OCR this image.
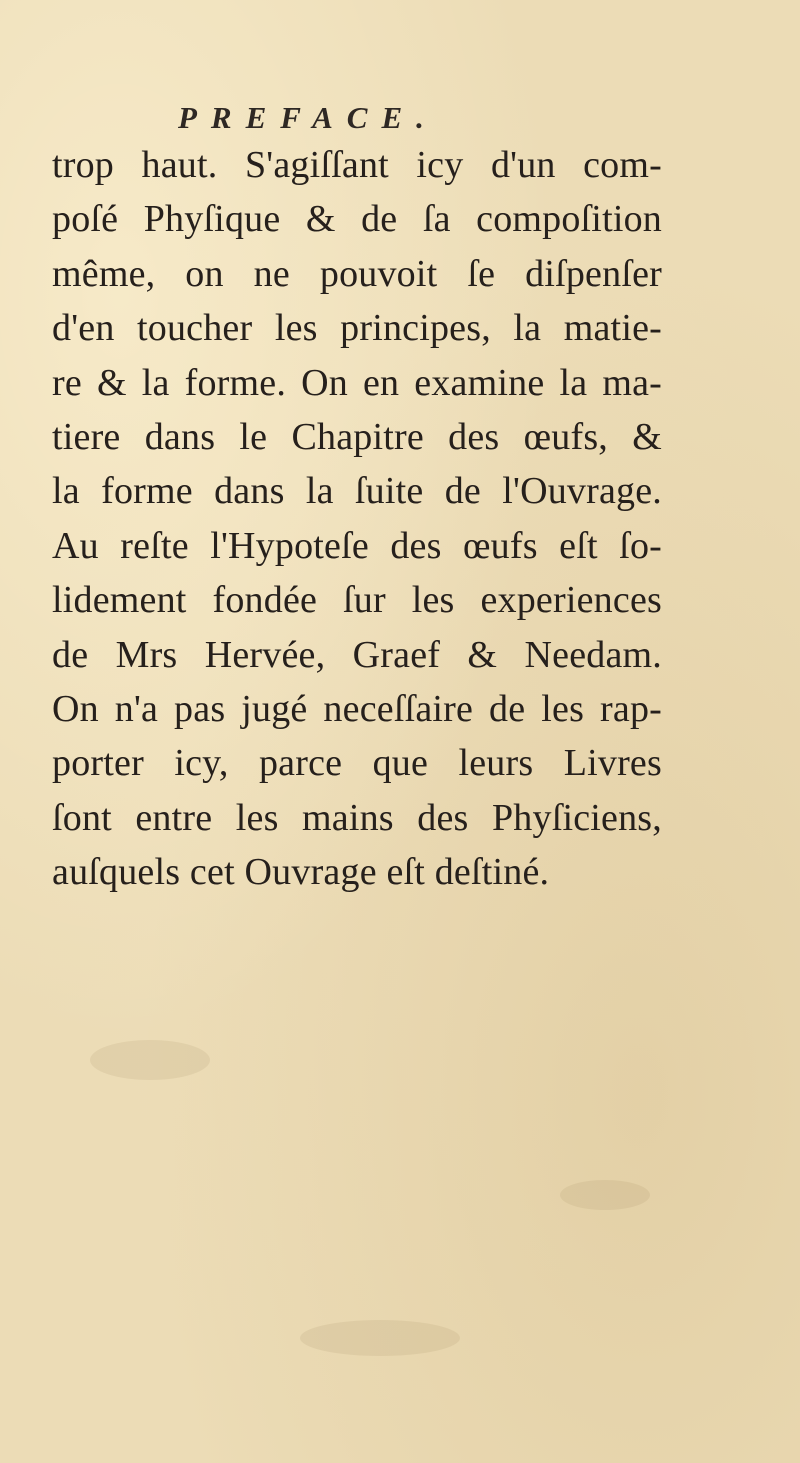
PREFACE.
trop haut. S'agiſſant icy d'un com-
poſé Phyſique & de ſa compoſition
même, on ne pouvoit ſe diſpenſer
d'en toucher les principes, la matie-
re & la forme. On en examine la ma-
tiere dans le Chapitre des œufs, &
la forme dans la ſuite de l'Ouvrage.
Au reſte l'Hypoteſe des œufs eſt ſo-
lidement fondée ſur les experiences
de Mrs Hervée, Graef & Needam.
On n'a pas jugé neceſſaire de les rap-
porter icy, parce que leurs Livres
ſont entre les mains des Phyſiciens,
auſquels cet Ouvrage eſt deſtiné.
